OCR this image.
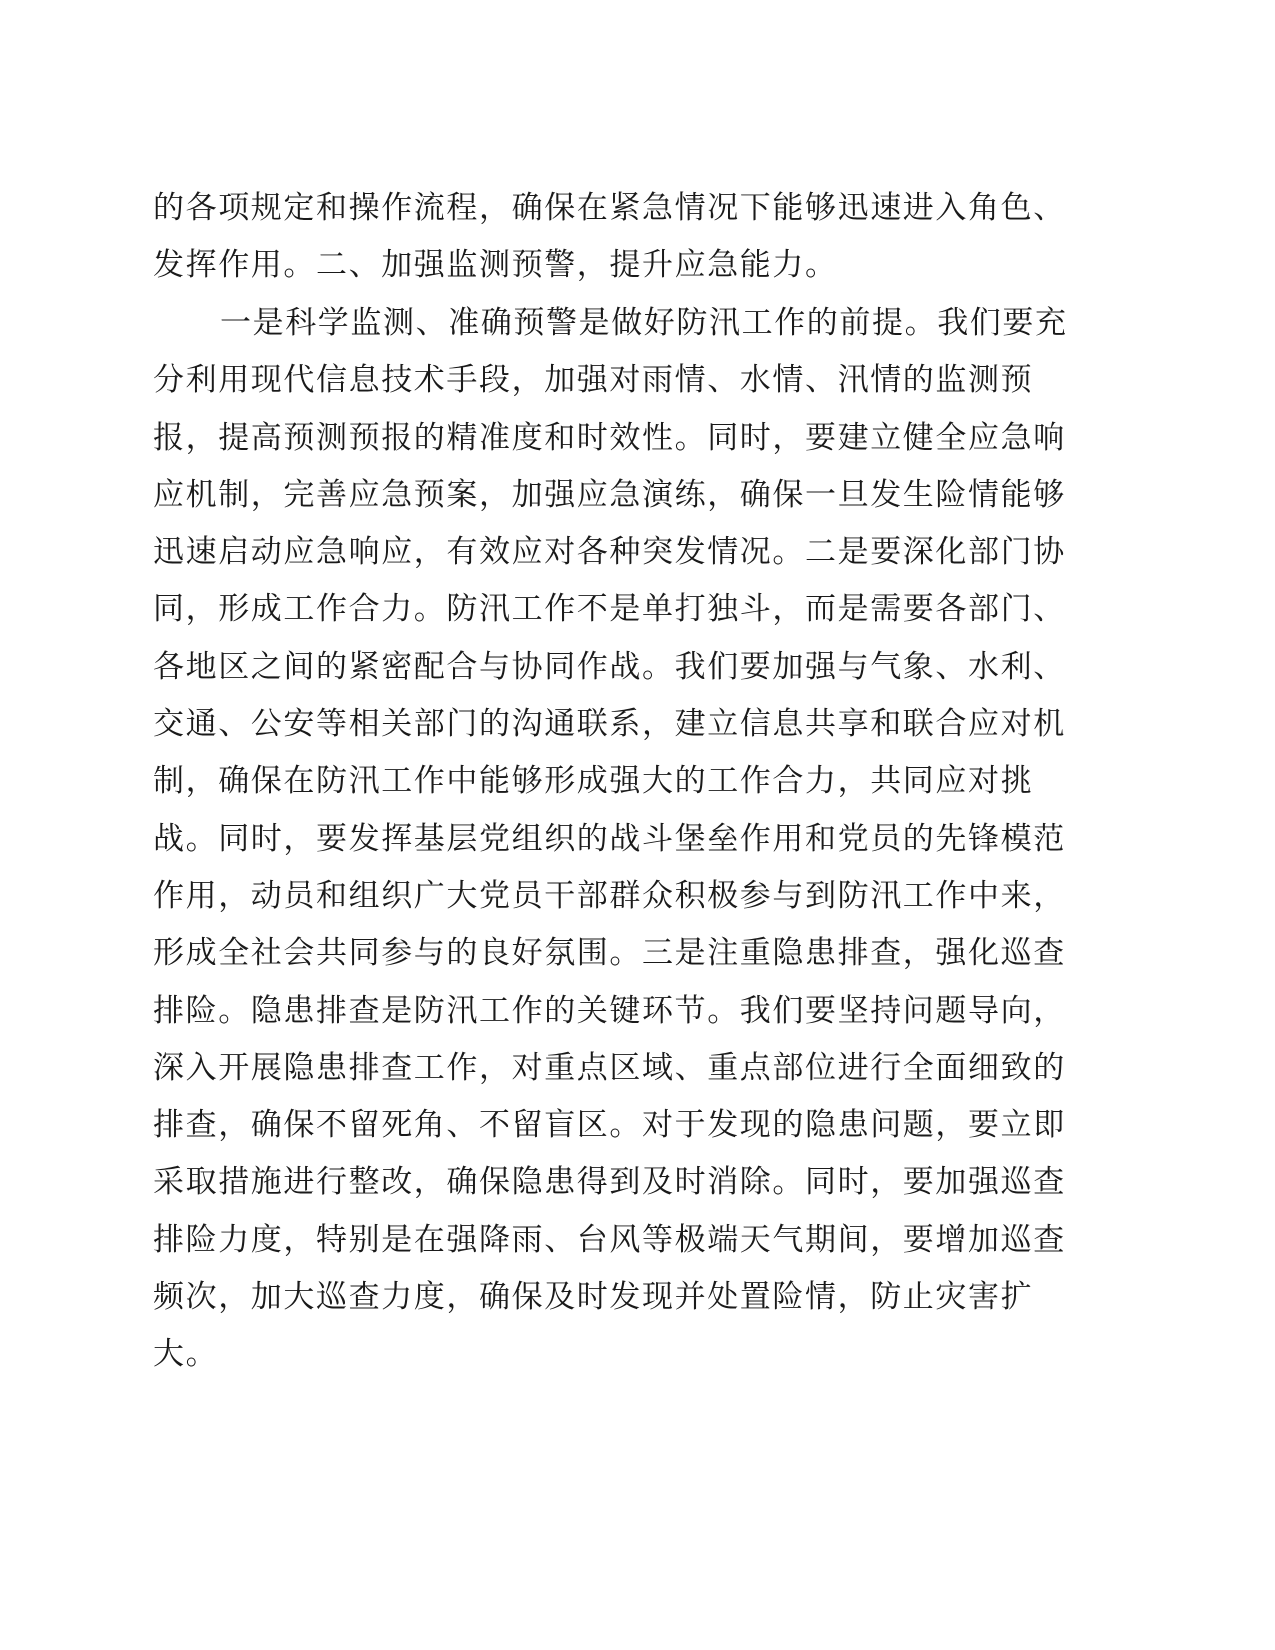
的各项规定和操作流程，确保在紧急情况下能够迅速进入角色、
发挥作用。二、加强监测预警，提升应急能力。
一是科学监测、准确预警是做好防汛工作的前提。我们要充
分利用现代信息技术手段，加强对雨情、水情、汛情的监测预
报，提高预测预报的精准度和时效性。同时，要建立健全应急响
应机制，完善应急预案，加强应急演练，确保一旦发生险情能够
迅速启动应急响应，有效应对各种突发情况。二是要深化部门协
同，形成工作合力。防汛工作不是单打独斗，而是需要各部门、
各地区之间的紧密配合与协同作战。我们要加强与气象、水利、
交通、公安等相关部门的沟通联系，建立信息共享和联合应对机
制，确保在防汛工作中能够形成强大的工作合力，共同应对挑
战。同时，要发挥基层党组织的战斗堡垒作用和党员的先锋模范
作用，动员和组织广大党员干部群众积极参与到防汛工作中来，
形成全社会共同参与的良好氛围。三是注重隐患排查，强化巡查
排险。隐患排查是防汛工作的关键环节。我们要坚持问题导向，
深入开展隐患排查工作，对重点区域、重点部位进行全面细致的
排查，确保不留死角、不留盲区。对于发现的隐患问题，要立即
采取措施进行整改，确保隐患得到及时消除。同时，要加强巡查
排险力度，特别是在强降雨、台风等极端天气期间，要增加巡查
频次，加大巡查力度，确保及时发现并处置险情，防止灾害扩
大。
